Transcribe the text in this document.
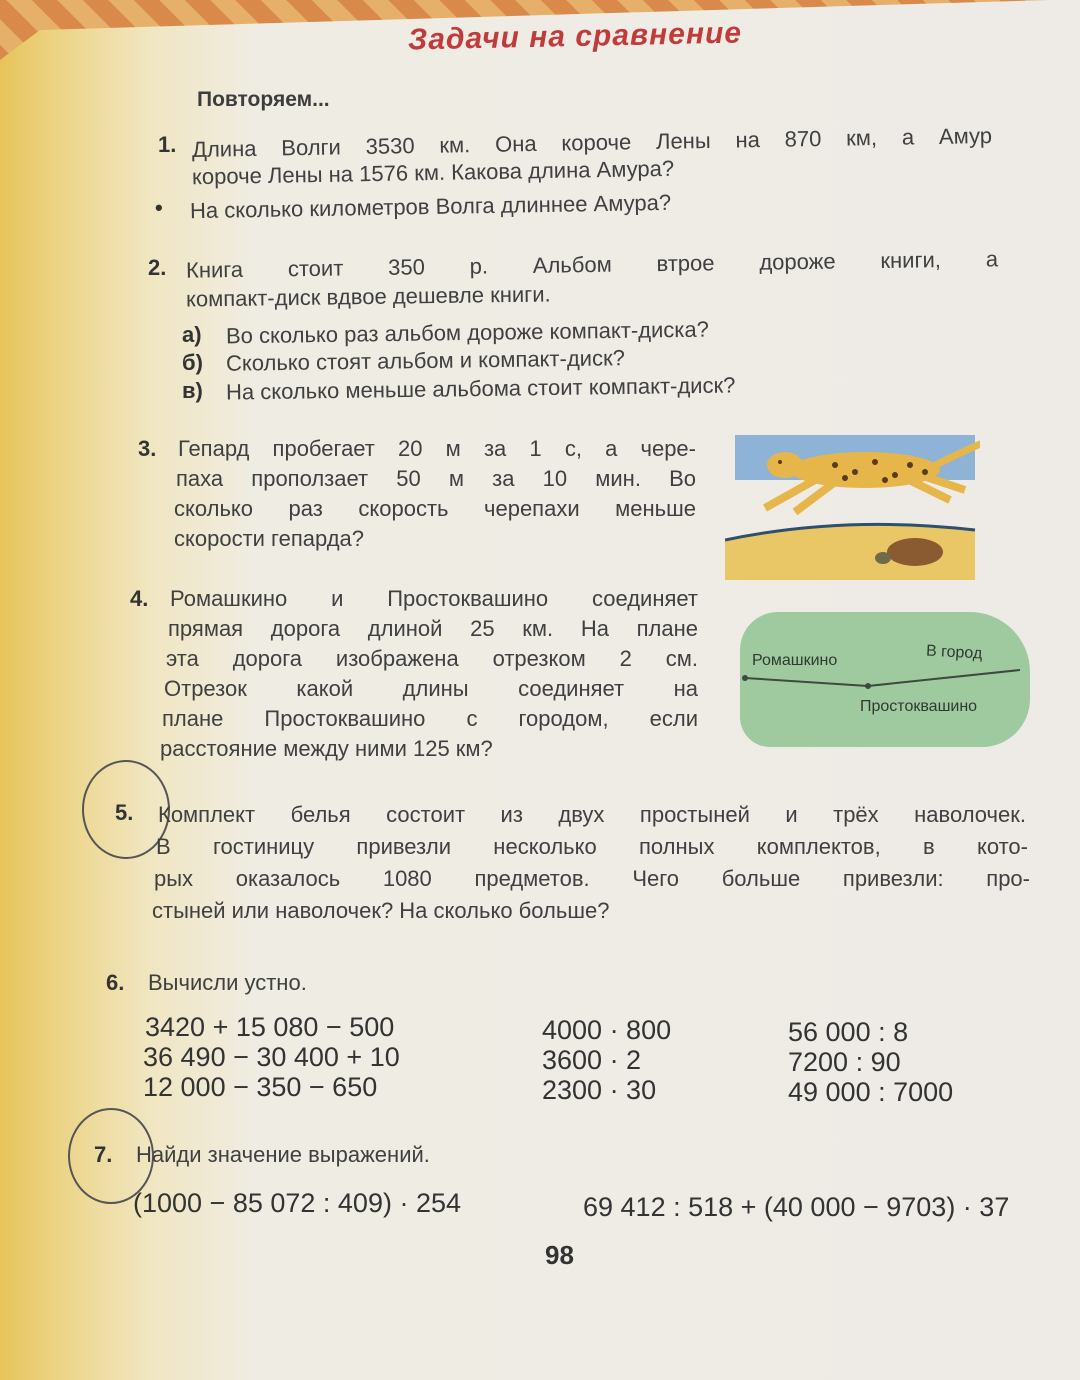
Задачи на сравнение
Повторяем...
1. Длина Волги 3530 км. Она короче Лены на 870 км, а Амур
короче Лены на 1576 км. Какова длина Амура?
• На сколько километров Волга длиннее Амура?
2. Книга стоит 350 р. Альбом втрое дороже книги, а
компакт-диск вдвое дешевле книги.
а) Во сколько раз альбом дороже компакт-диска?
б) Сколько стоят альбом и компакт-диск?
в) На сколько меньше альбома стоит компакт-диск?
3. Гепард пробегает 20 м за 1 с, а чере-
паха проползает 50 м за 10 мин. Во
сколько раз скорость черепахи меньше
скорости гепарда?
4. Ромашкино и Простоквашино соединяет
прямая дорога длиной 25 км. На плане
эта дорога изображена отрезком 2 см.
Отрезок какой длины соединяет на
плане Простоквашино с городом, если
расстояние между ними 125 км?
Ромашкино	В город
Простоквашино
5. Комплект белья состоит из двух простыней и трёх наволочек.
В гостиницу привезли несколько полных комплектов, в кото-
рых оказалось 1080 предметов. Чего больше привезли: про-
стыней или наволочек? На сколько больше?
6. Вычисли устно.
3420 + 15 080 − 500
36 490 − 30 400 + 10
12 000 − 350 − 650
4000 · 800
3600 · 2
2300 · 30
56 000 : 8
7200 : 90
49 000 : 7000
7. Найди значение выражений.
(1000 − 85 072 : 409) · 254	69 412 : 518 + (40 000 − 9703) · 37
98
